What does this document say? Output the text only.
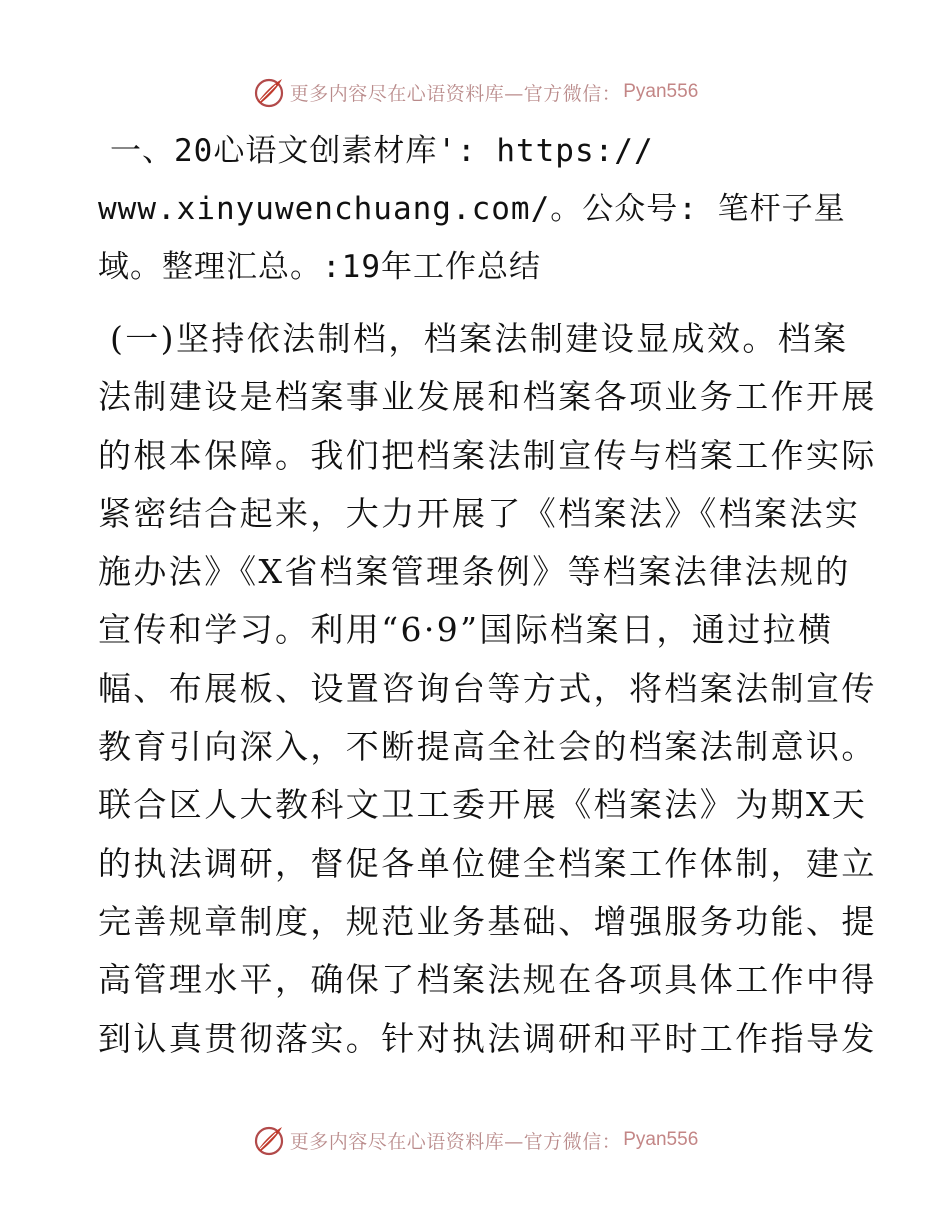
更多内容尽在心语资料库—官方微信： Pyan556
一、20心语文创素材库': https://
www.xinyuwenchuang.com/。公众号: 笔杆子星
域。整理汇总。:19年工作总结
(一)坚持依法制档，档案法制建设显成效。档案
法制建设是档案事业发展和档案各项业务工作开展
的根本保障。我们把档案法制宣传与档案工作实际
紧密结合起来，大力开展了《档案法》《档案法实
施办法》《X省档案管理条例》等档案法律法规的
宣传和学习。利用“6·9”国际档案日，通过拉横
幅、布展板、设置咨询台等方式，将档案法制宣传
教育引向深入，不断提高全社会的档案法制意识。
联合区人大教科文卫工委开展《档案法》为期X天
的执法调研，督促各单位健全档案工作体制，建立
完善规章制度，规范业务基础、增强服务功能、提
高管理水平，确保了档案法规在各项具体工作中得
到认真贯彻落实。针对执法调研和平时工作指导发
更多内容尽在心语资料库—官方微信： Pyan556
